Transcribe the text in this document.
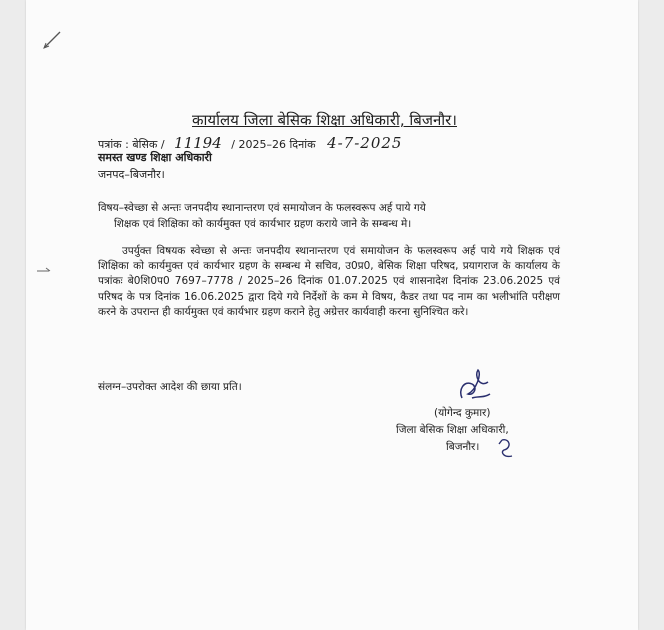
कार्यालय जिला बेसिक शिक्षा अधिकारी, बिजनौर।
पत्रांक : बेसिक / 11194 / 2025–26 दिनांक 4-7-2025
समस्त खण्ड शिक्षा अधिकारी
जनपद–बिजनौर।
विषय–स्वेच्छा से अन्तः जनपदीय स्थानान्तरण एवं समायोजन के फलस्वरूप अर्ह पाये गये
शिक्षक एवं शिक्षिका को कार्यमुक्त एवं कार्यभार ग्रहण कराये जाने के सम्बन्ध मे।
उपर्युक्त विषयक स्वेच्छा से अन्तः जनपदीय स्थानान्तरण एवं समायोजन के फलस्वरूप अर्ह पाये गये शिक्षक एवं शिक्षिका को कार्यमुक्त एवं कार्यभार ग्रहण के सम्बन्ध मे सचिव, उ0प्र0, बेसिक शिक्षा परिषद, प्रयागराज के कार्यालय के पत्रांकः बे0शि0प0 7697–7778 / 2025–26 दिनांक 01.07.2025 एवं शासनादेश दिनांक 23.06.2025 एवं परिषद के पत्र दिनांक 16.06.2025 द्वारा दिये गये निर्देशों के कम मे विषय, कैडर तथा पद नाम का भलीभांति परीक्षण करने के उपरान्त ही कार्यमुक्त एवं कार्यभार ग्रहण कराने हेतु अग्रेत्तर कार्यवाही करना सुनिश्चित करे।
संलग्न–उपरोक्त आदेश की छाया प्रति।
(योगेन्द कुमार)
जिला बेसिक शिक्षा अधिकारी,
बिजनौर।
